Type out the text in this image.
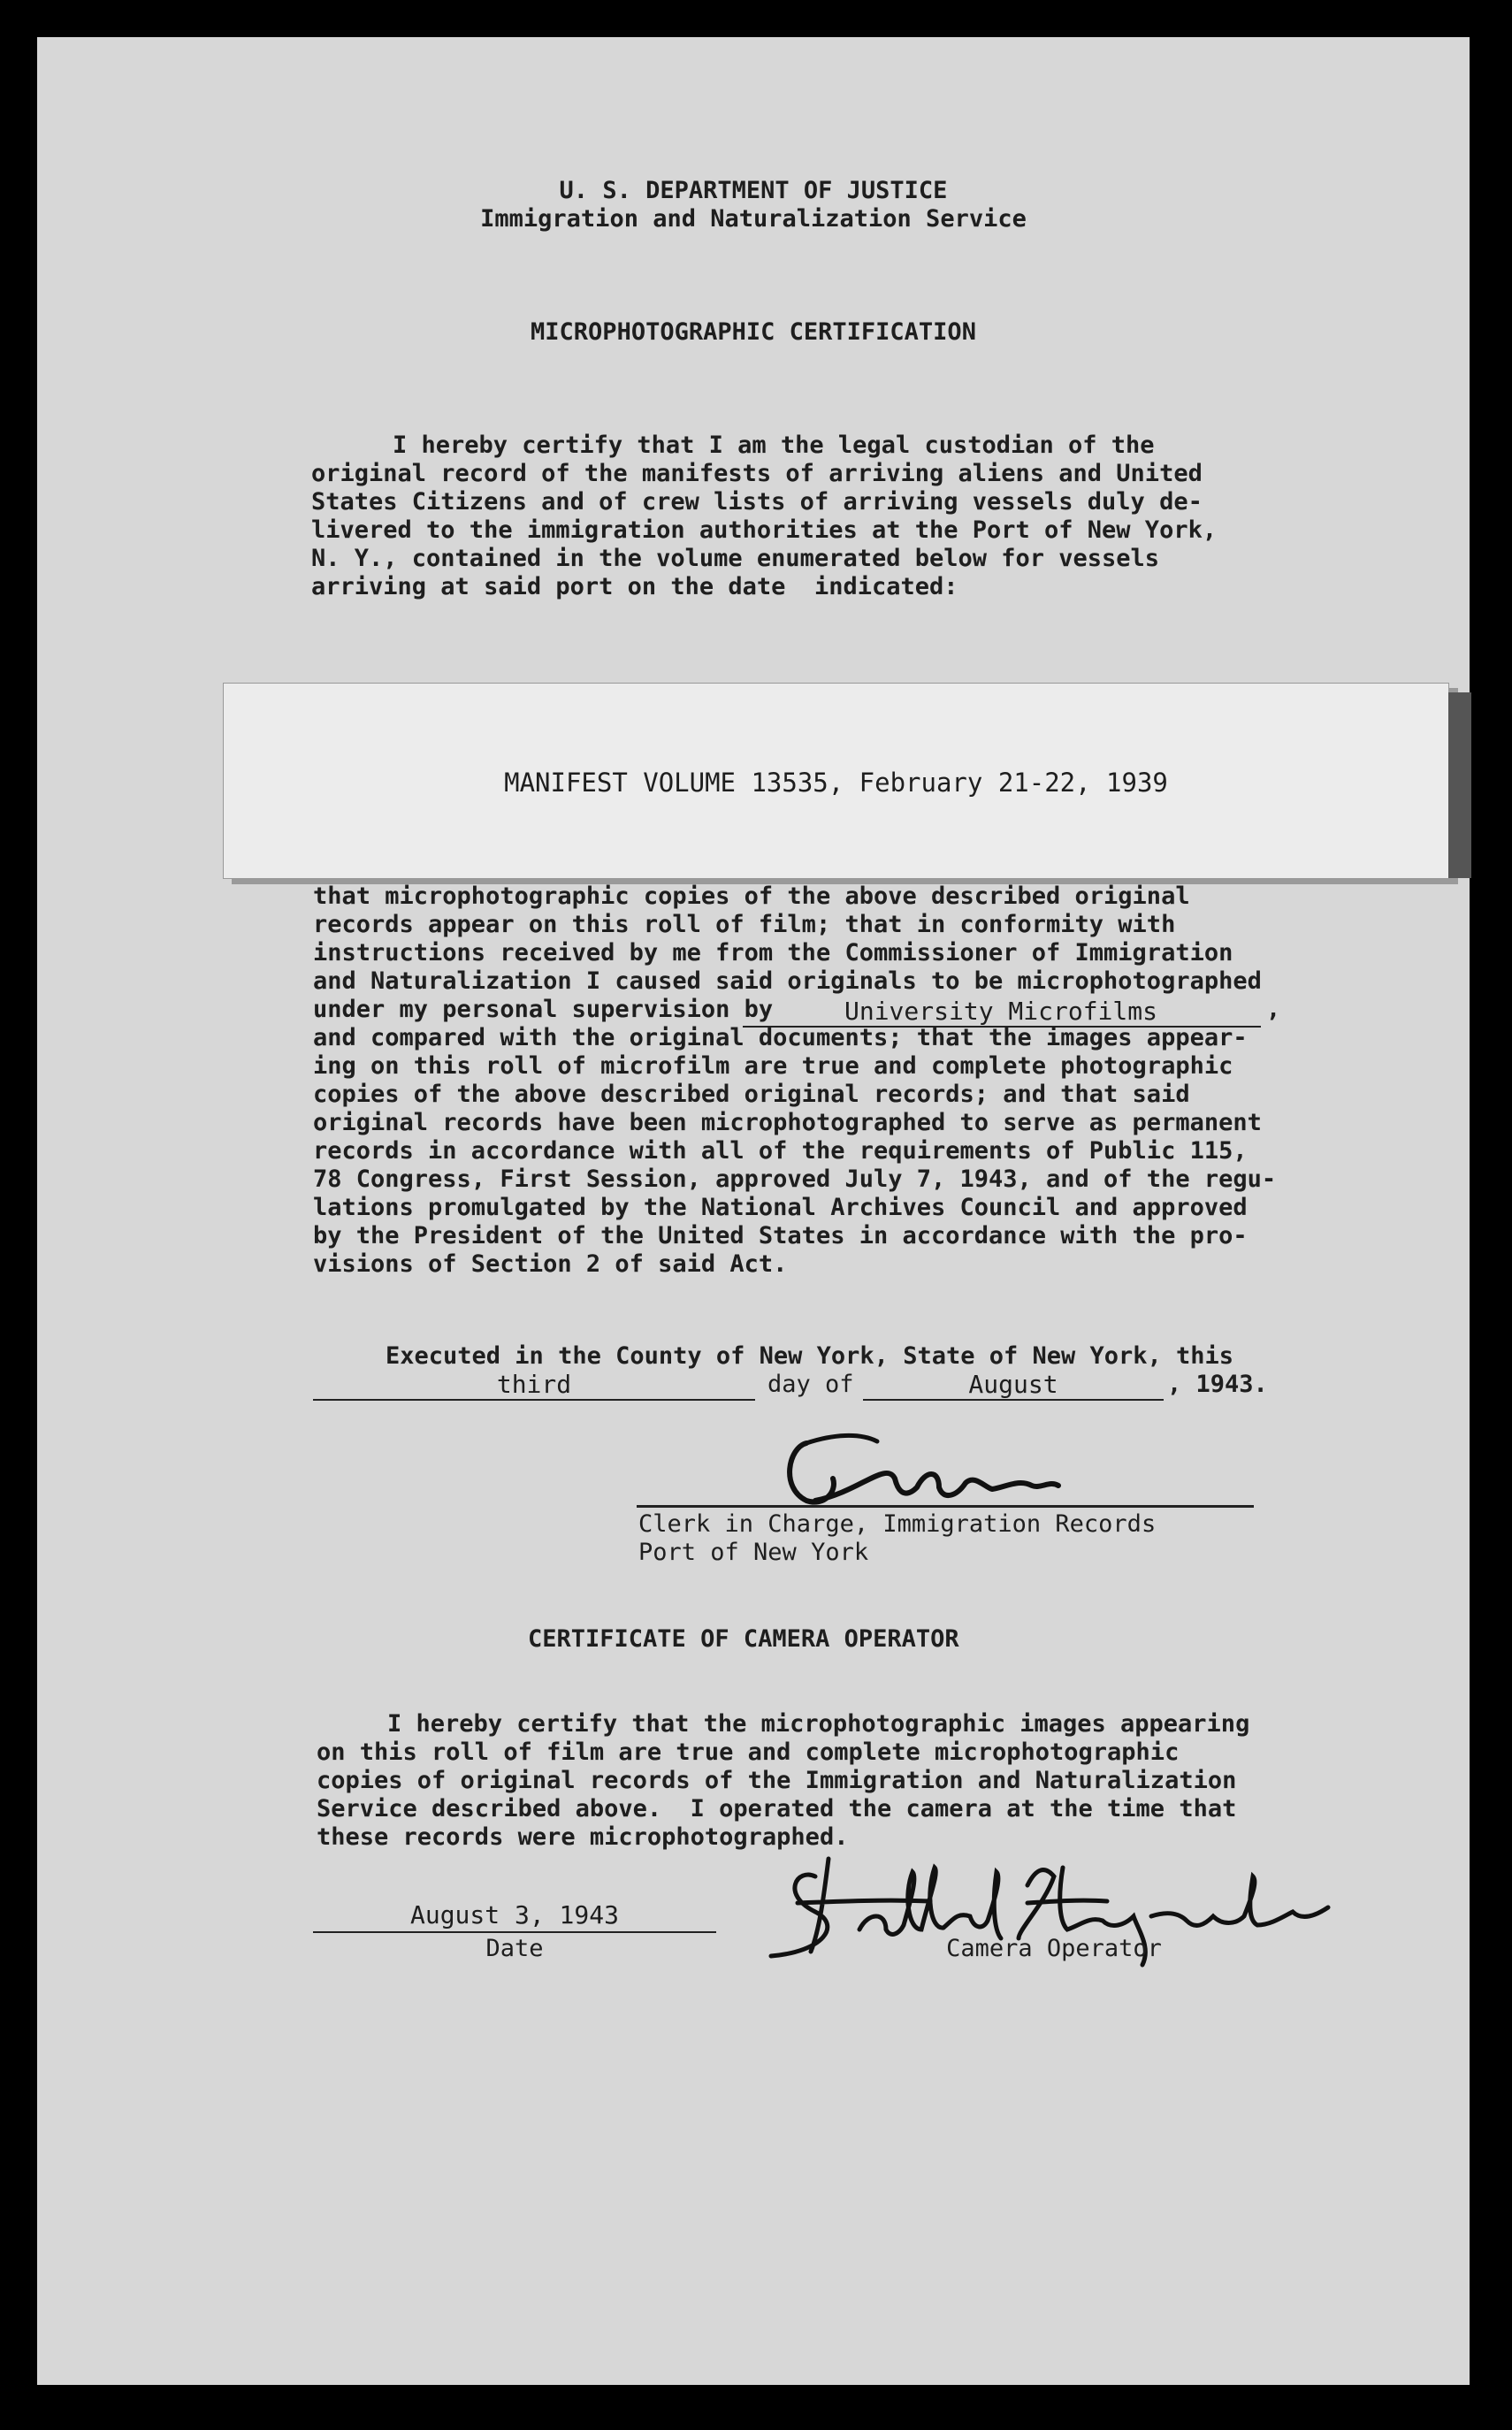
U. S. DEPARTMENT OF JUSTICE
Immigration and Naturalization Service
MICROPHOTOGRAPHIC CERTIFICATION
I hereby certify that I am the legal custodian of the
original record of the manifests of arriving aliens and United
States Citizens and of crew lists of arriving vessels duly de-
livered to the immigration authorities at the Port of New York,
N. Y., contained in the volume enumerated below for vessels
arriving at said port on the date  indicated:
MANIFEST VOLUME 13535, February 21-22, 1939
that microphotographic copies of the above described original
records appear on this roll of film; that in conformity with
instructions received by me from the Commissioner of Immigration
and Naturalization I caused said originals to be microphotographed
under my personal supervision by	University Microfilms	,
and compared with the original documents; that the images appear-
ing on this roll of microfilm are true and complete photographic
copies of the above described original records; and that said
original records have been microphotographed to serve as permanent
records in accordance with all of the requirements of Public 115,
78 Congress, First Session, approved July 7, 1943, and of the regu-
lations promulgated by the National Archives Council and approved
by the President of the United States in accordance with the pro-
visions of Section 2 of said Act.
Executed in the County of New York, State of New York, this
third	day of	August	, 1943.
Clerk in Charge, Immigration Records
Port of New York
CERTIFICATE OF CAMERA OPERATOR
I hereby certify that the microphotographic images appearing
on this roll of film are true and complete microphotographic
copies of original records of the Immigration and Naturalization
Service described above.  I operated the camera at the time that
these records were microphotographed.
August 3, 1943
Date	Camera Operator
